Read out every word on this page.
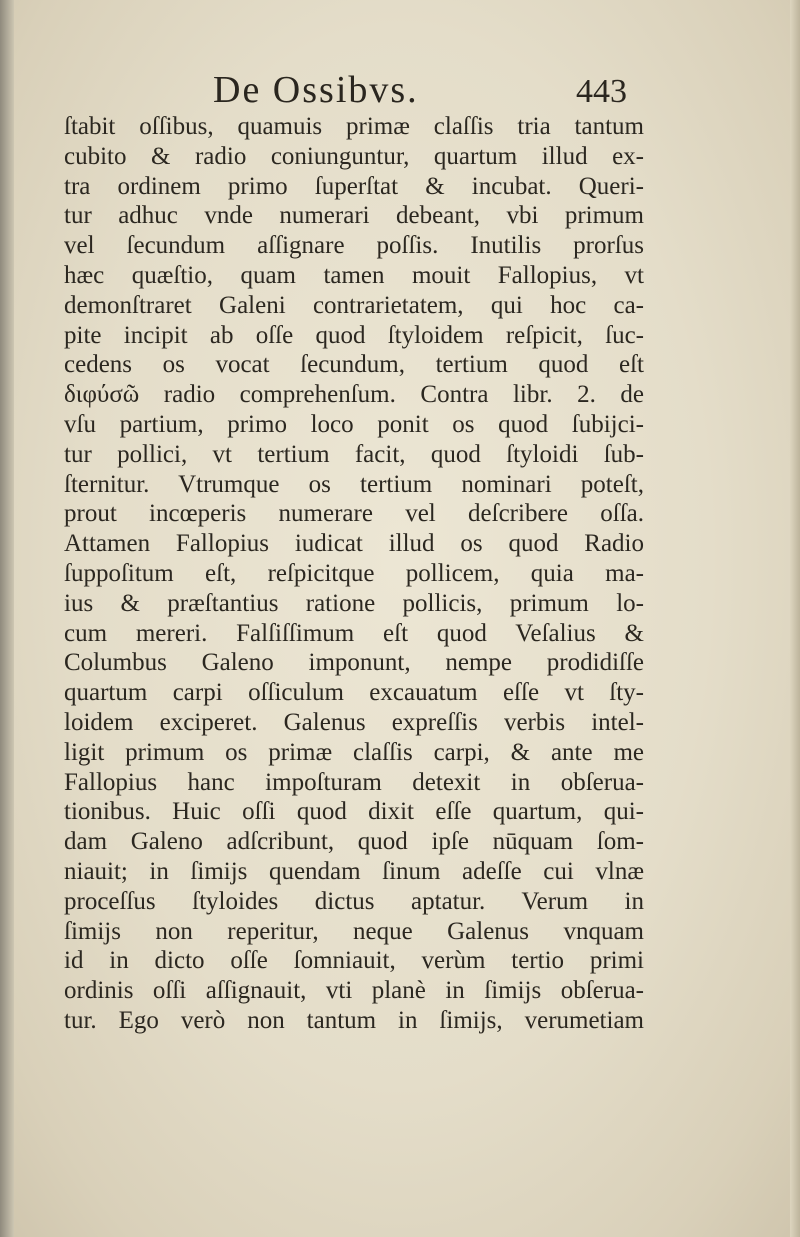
De Ossibvs.	443
ſtabit oſſibus, quamuis primæ claſſis tria tantum
cubito & radio coniunguntur, quartum illud ex-
tra ordinem primo ſuperſtat & incubat. Queri-
tur adhuc vnde numerari debeant, vbi primum
vel ſecundum aſſignare poſſis. Inutilis prorſus
hæc quæſtio, quam tamen mouit Fallopius, vt
demonſtraret Galeni contrarietatem, qui hoc ca-
pite incipit ab oſſe quod ſtyloidem reſpicit, ſuc-
cedens os vocat ſecundum, tertium quod eſt
διφύσῶ radio comprehenſum. Contra libr. 2. de
vſu partium, primo loco ponit os quod ſubijci-
tur pollici, vt tertium facit, quod ſtyloidi ſub-
ſternitur. Vtrumque os tertium nominari poteſt,
prout incœperis numerare vel deſcribere oſſa.
Attamen Fallopius iudicat illud os quod Radio
ſuppoſitum eſt, reſpicitque pollicem, quia ma-
ius & præſtantius ratione pollicis, primum lo-
cum mereri. Falſiſſimum eſt quod Veſalius &
Columbus Galeno imponunt, nempe prodidiſſe
quartum carpi oſſiculum excauatum eſſe vt ſty-
loidem exciperet. Galenus expreſſis verbis intel-
ligit primum os primæ claſſis carpi, & ante me
Fallopius hanc impoſturam detexit in obſerua-
tionibus. Huic oſſi quod dixit eſſe quartum, qui-
dam Galeno adſcribunt, quod ipſe nūquam ſom-
niauit; in ſimijs quendam ſinum adeſſe cui vlnæ
proceſſus ſtyloides dictus aptatur. Verum in
ſimijs non reperitur, neque Galenus vnquam
id in dicto oſſe ſomniauit, verùm tertio primi
ordinis oſſi aſſignauit, vti planè in ſimijs obſerua-
tur. Ego verò non tantum in ſimijs, verumetiam
